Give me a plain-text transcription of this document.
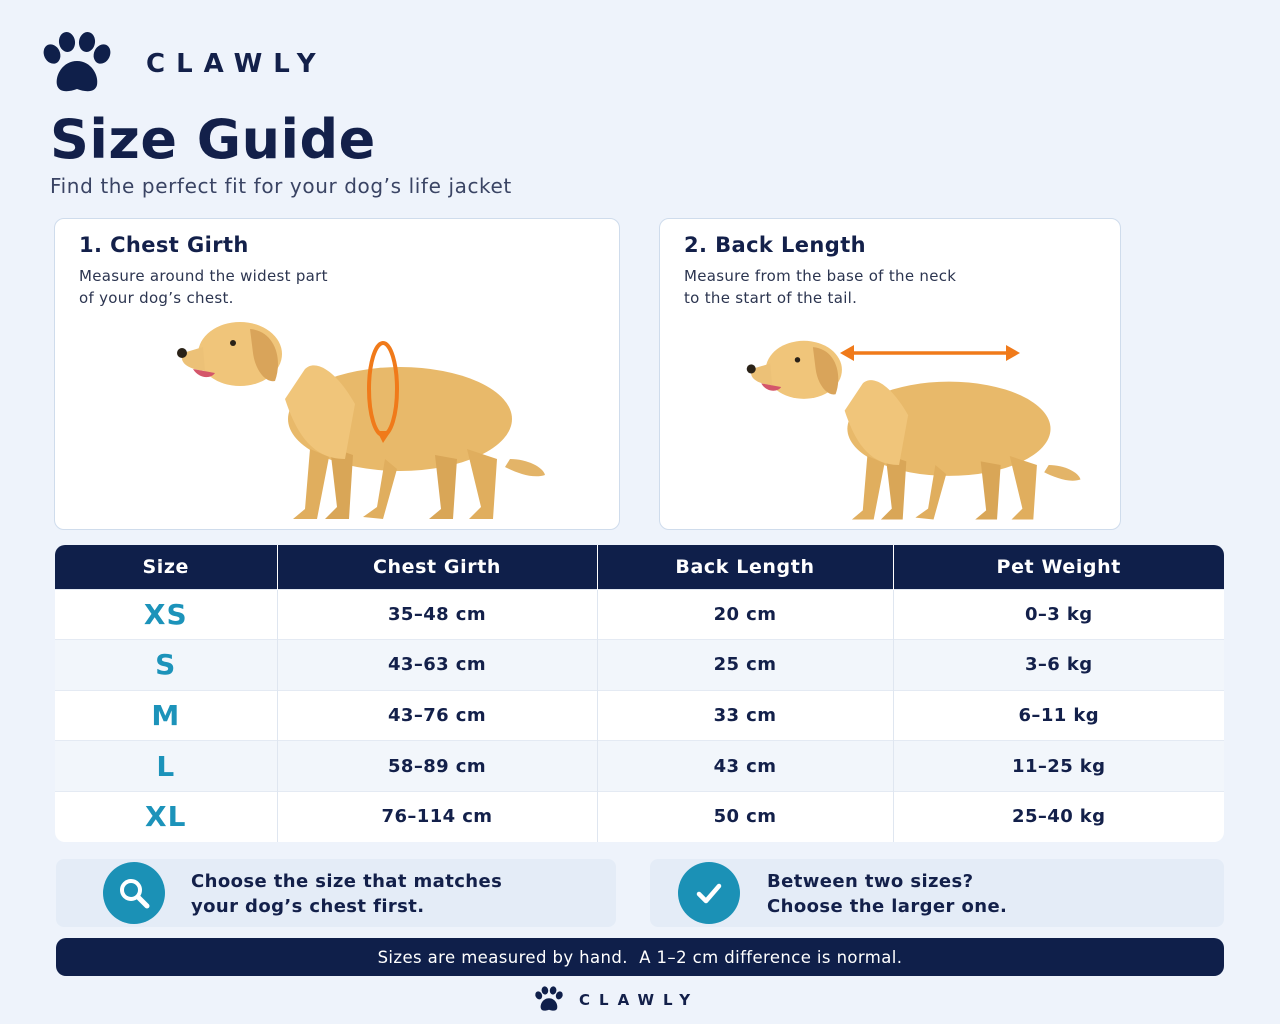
CLAWLY
Size Guide

Find the perfect fit for your dog’s life jacket

1. Chest Girth
Measure around the widest part
of your dog’s chest.
2. Back Length
Measure from the base of the neck
to the start of the tail.
Size	Chest Girth	Back Length	Pet Weight
XS	35–48 cm	20 cm	0–3 kg
S	43–63 cm	25 cm	3–6 kg
M	43–76 cm	33 cm	6–11 kg
L	58–89 cm	43 cm	11–25 kg
XL	76–114 cm	50 cm	25–40 kg
Choose the size that matches
your dog’s chest first.
Between two sizes?
Choose the larger one.
Sizes are measured by hand.  A 1–2 cm difference is normal.
CLAWLY
